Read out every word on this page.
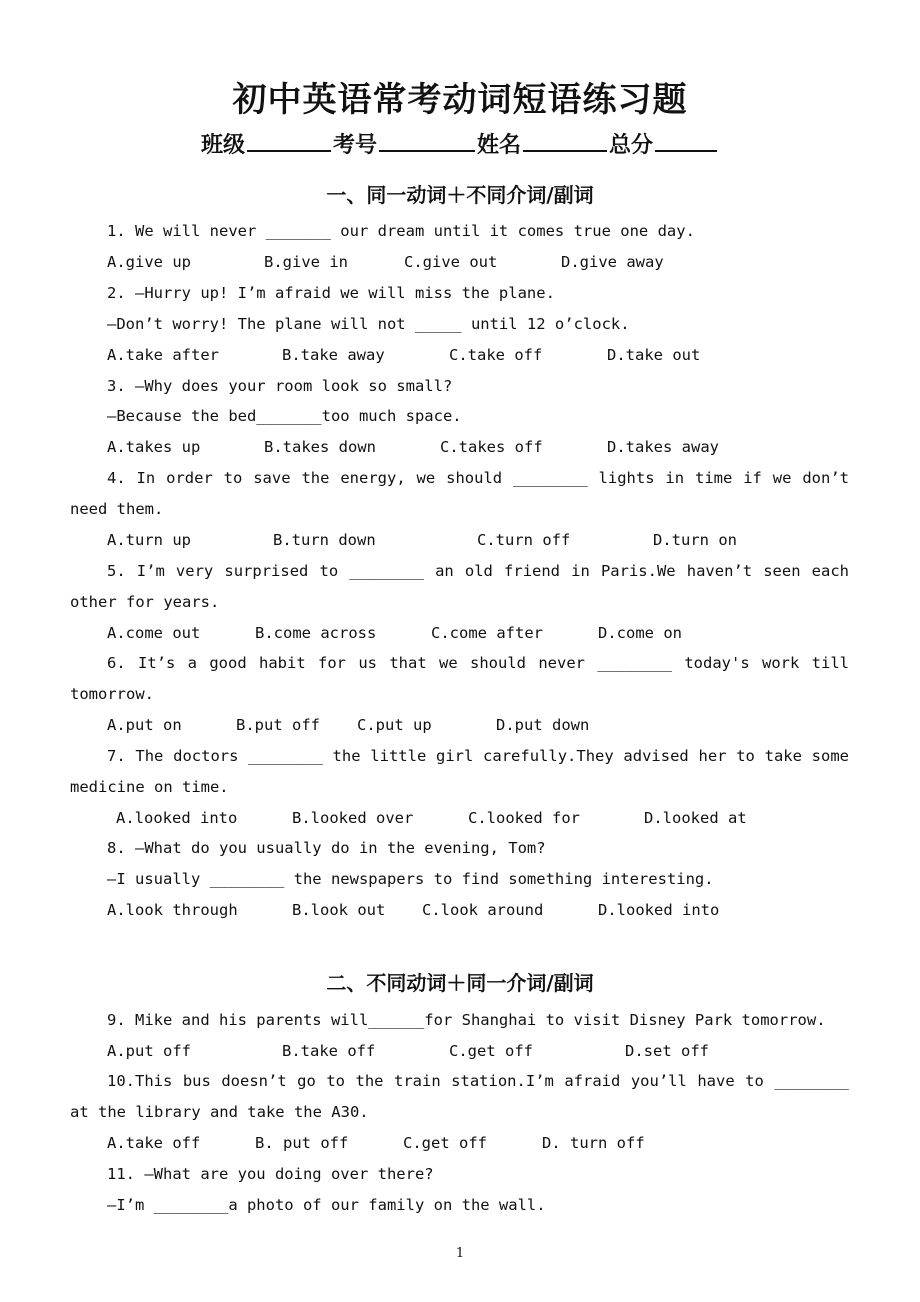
初中英语常考动词短语练习题
班级	考号	姓名	总分
一、同一动词＋不同介词/副词
1. We will never _______ our dream until it comes true one day.
A.give up	B.give in	C.give out	D.give away
2. —Hurry up! I’m afraid we will miss the plane.
—Don’t worry! The plane will not _____ until 12 o’clock.
A.take after	B.take away	C.take off	D.take out
3. —Why does your room look so small?
—Because the bed_______too much space.
A.takes up	B.takes down	C.takes off	D.takes away
4. In order to save the energy, we should ________ lights in time if we don’t
need them.
A.turn up	B.turn down	C.turn off	D.turn on
5. I’m very surprised to ________ an old friend in Paris.We haven’t seen each
other for years.
A.come out	B.come across	C.come after	D.come on
6. It’s a good habit for us that we should never ________ today's work till
tomorrow.
A.put on	B.put off C.put up	D.put down
7. The doctors ________ the little girl carefully.They advised her to take some
medicine on time.
A.looked into	B.looked over	C.looked for	D.looked at
8. —What do you usually do in the evening, Tom?
—I usually ________ the newspapers to find something interesting.
A.look through	B.look out C.look around	D.looked into
二、不同动词＋同一介词/副词
9. Mike and his parents will______for Shanghai to visit Disney Park tomorrow.
A.put off	B.take off	C.get off	D.set off
10.This bus doesn’t go to the train station.I’m afraid you’ll have to ________
at the library and take the A30.
A.take off	B. put off	C.get off	D. turn off
11. —What are you doing over there?
—I’m ________a photo of our family on the wall.
1
